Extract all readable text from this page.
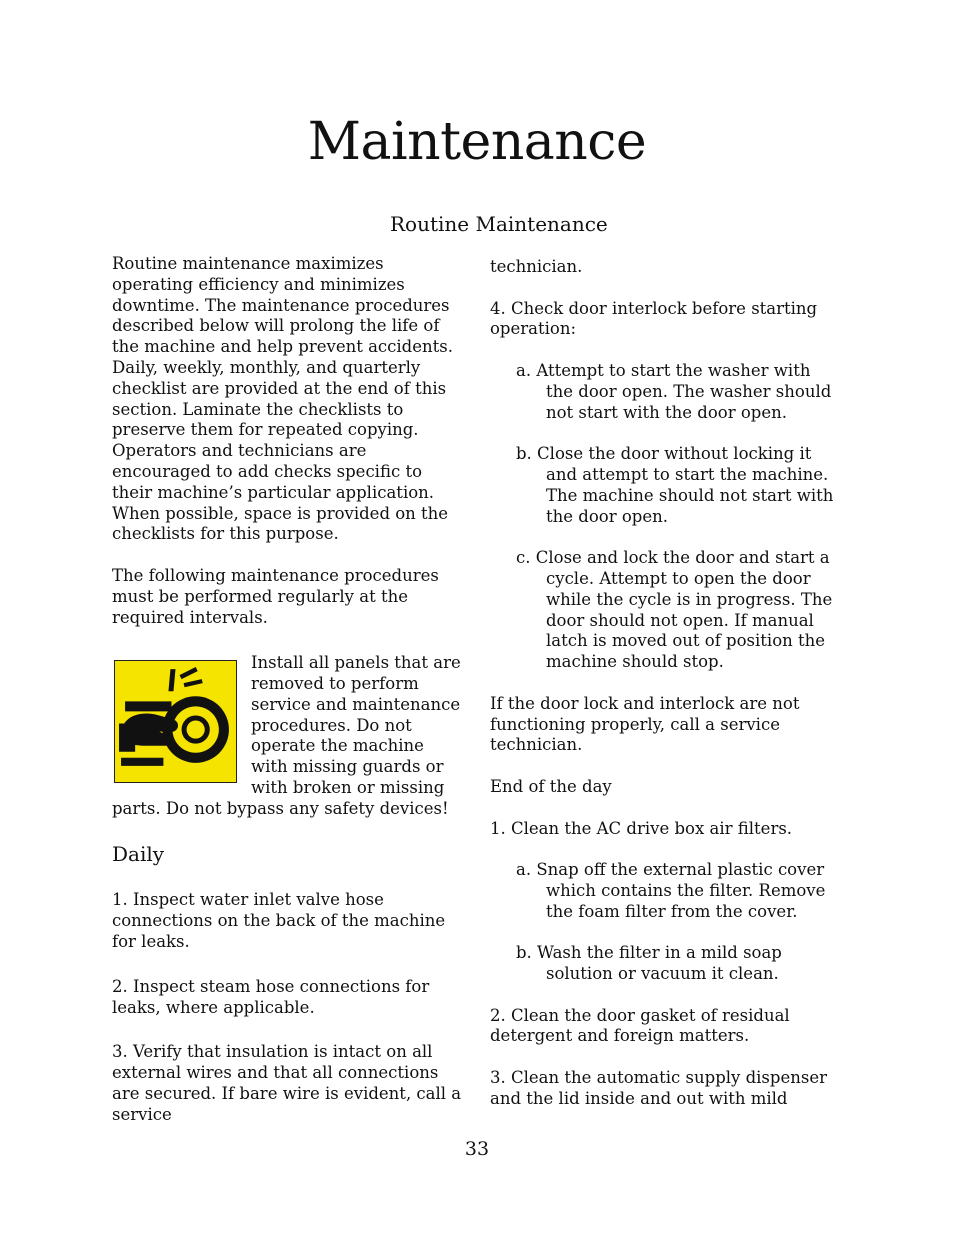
Maintenance
Routine Maintenance

Routine maintenance maximizes operating efficiency and minimizes downtime. The maintenance procedures described below will prolong the life of the machine and help prevent accidents.

Daily, weekly, monthly, and quarterly checklist are provided at the end of this section. Laminate the checklists to preserve them for repeated copying. Operators and technicians are encouraged to add checks specific to their machine’s particular application. When possible, space is provided on the checklists for this purpose.

The following maintenance procedures must be performed regularly at the required intervals.

Install all panels that are removed to perform service and maintenance procedures. Do not operate the machine with missing guards or with broken or missing parts. Do not bypass any safety devices!

Daily

1. Inspect water inlet valve hose connections on the back of the machine for leaks.

2. Inspect steam hose connections for leaks, where applicable.

3. Verify that insulation is intact on all external wires and that all connections are secured. If bare wire is evident, call a service

technician.

4. Check door interlock before starting operation:

a. Attempt to start the washer with the door open. The washer should not start with the door open.

b. Close the door without locking it and attempt to start the machine. The machine should not start with the door open.

c. Close and lock the door and start a cycle. Attempt to open the door while the cycle is in progress. The door should not open. If manual latch is moved out of position the machine should stop.

If the door lock and interlock are not functioning properly, call a service technician.

End of the day

1. Clean the AC drive box air filters.

a. Snap off the external plastic cover which contains the filter. Remove the foam filter from the cover.

b. Wash the filter in a mild soap solution or vacuum it clean.

2. Clean the door gasket of residual detergent and foreign matters.

3. Clean the automatic supply dispenser and the lid inside and out with mild

33
